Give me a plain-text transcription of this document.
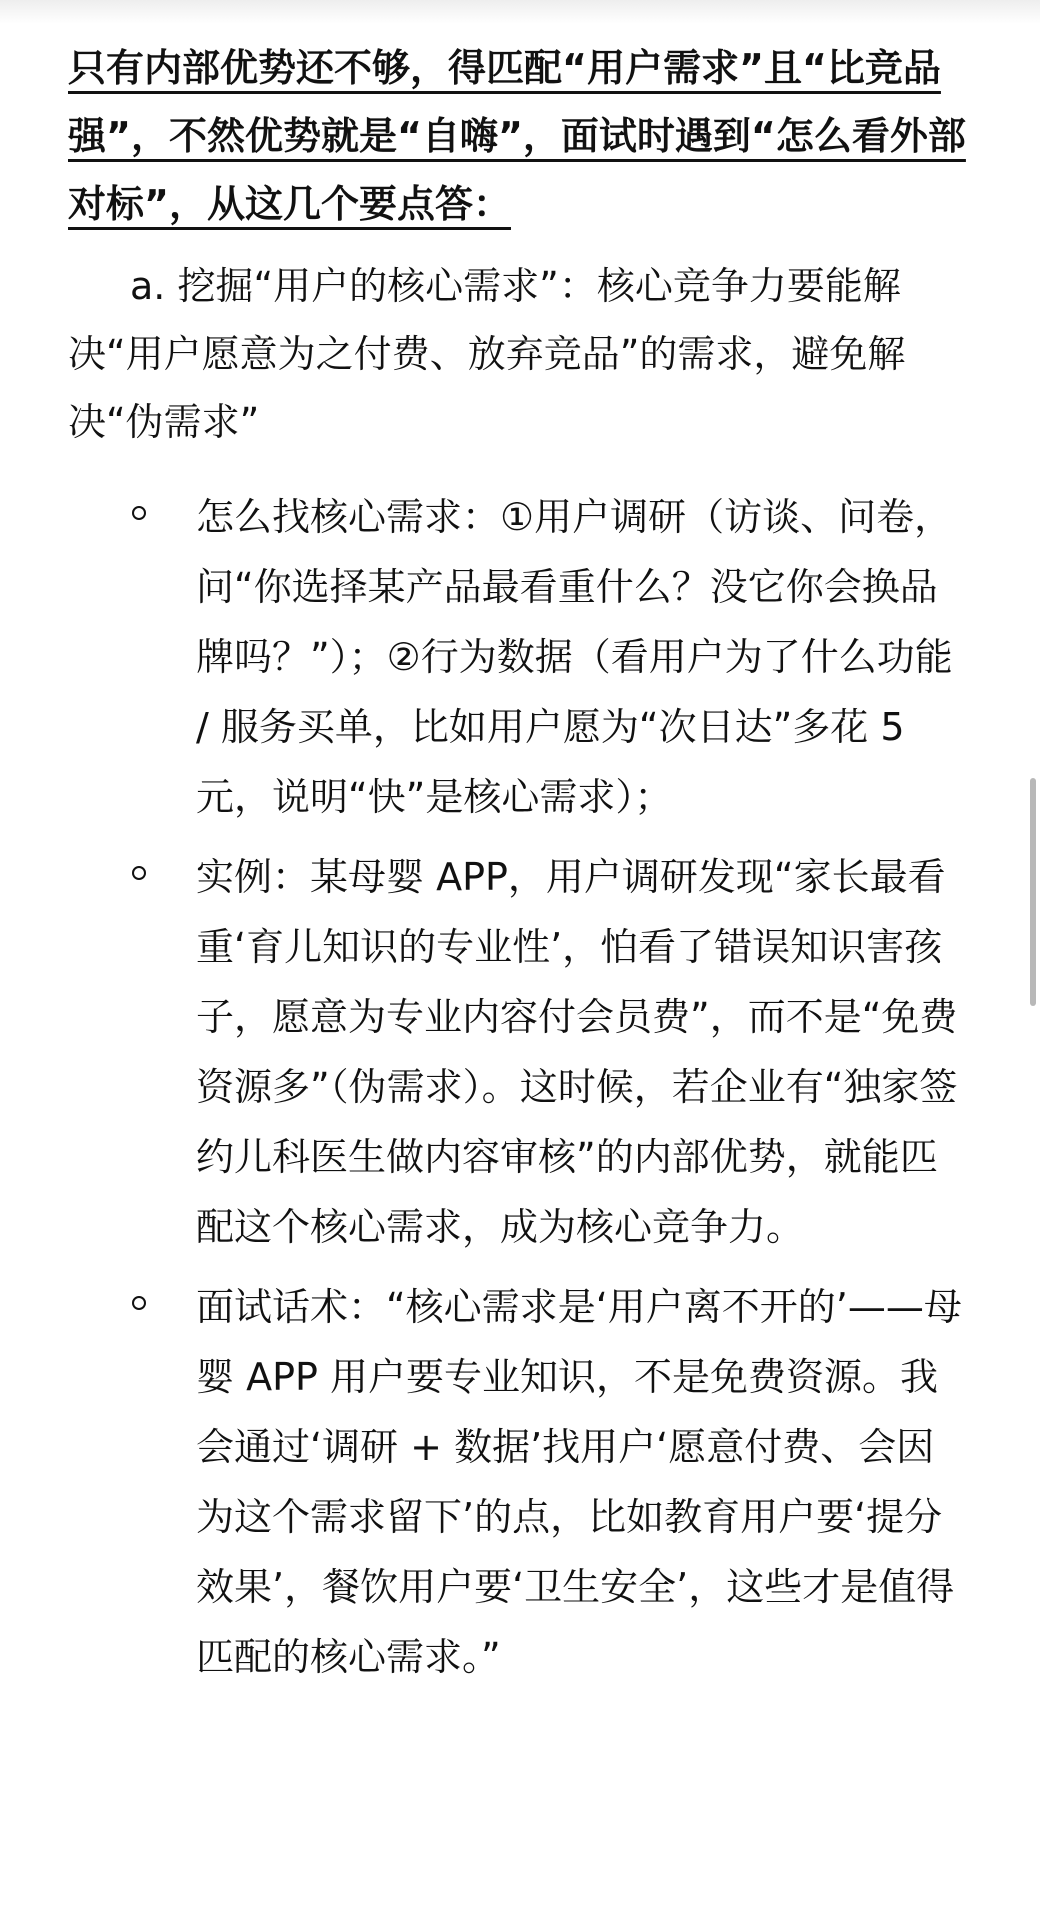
只有内部优势还不够，得匹配“用户需求”且“比竞品强”，不然优势就是“自嗨”，面试时遇到“怎么看外部对标”，从这几个要点答：

a. 挖掘“用户的核心需求”：核心竞争力要能解决“用户愿意为之付费、放弃竞品”的需求，避免解决“伪需求”

怎么找核心需求：①用户调研（访谈、问卷，问“你选择某产品最看重什么？没它你会换品牌吗？”）；②行为数据（看用户为了什么功能 / 服务买单，比如用户愿为“次日达”多花 5 元，说明“快”是核心需求）；
实例：某母婴 APP，用户调研发现“家长最看重‘育儿知识的专业性’，怕看了错误知识害孩子，愿意为专业内容付会员费”，而不是“免费资源多”（伪需求）。这时候，若企业有“独家签约儿科医生做内容审核”的内部优势，就能匹配这个核心需求，成为核心竞争力。
面试话术：“核心需求是‘用户离不开的’——母婴 APP 用户要专业知识，不是免费资源。我会通过‘调研 + 数据’找用户‘愿意付费、会因为这个需求留下’的点，比如教育用户要‘提分效果’，餐饮用户要‘卫生安全’，这些才是值得匹配的核心需求。”
